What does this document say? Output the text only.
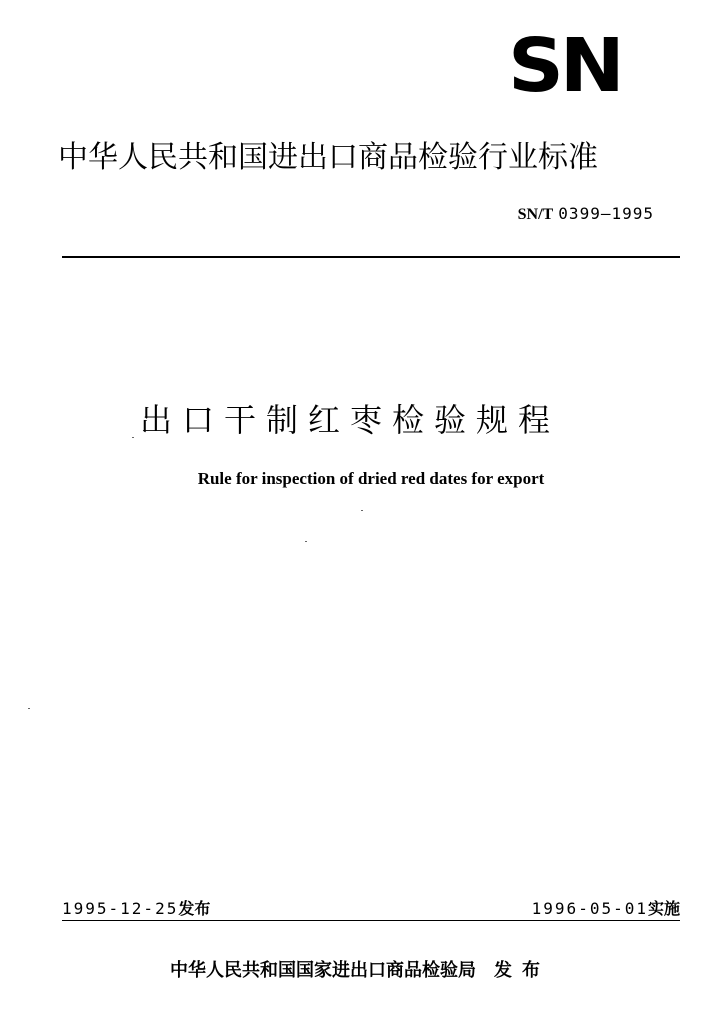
SN
中华人民共和国进出口商品检验行业标准
SN/T 0399—1995
出口干制红枣检验规程
Rule for inspection of dried red dates for export
1995-12-25发布	1996-05-01实施
中华人民共和国国家进出口商品检验局 发布
